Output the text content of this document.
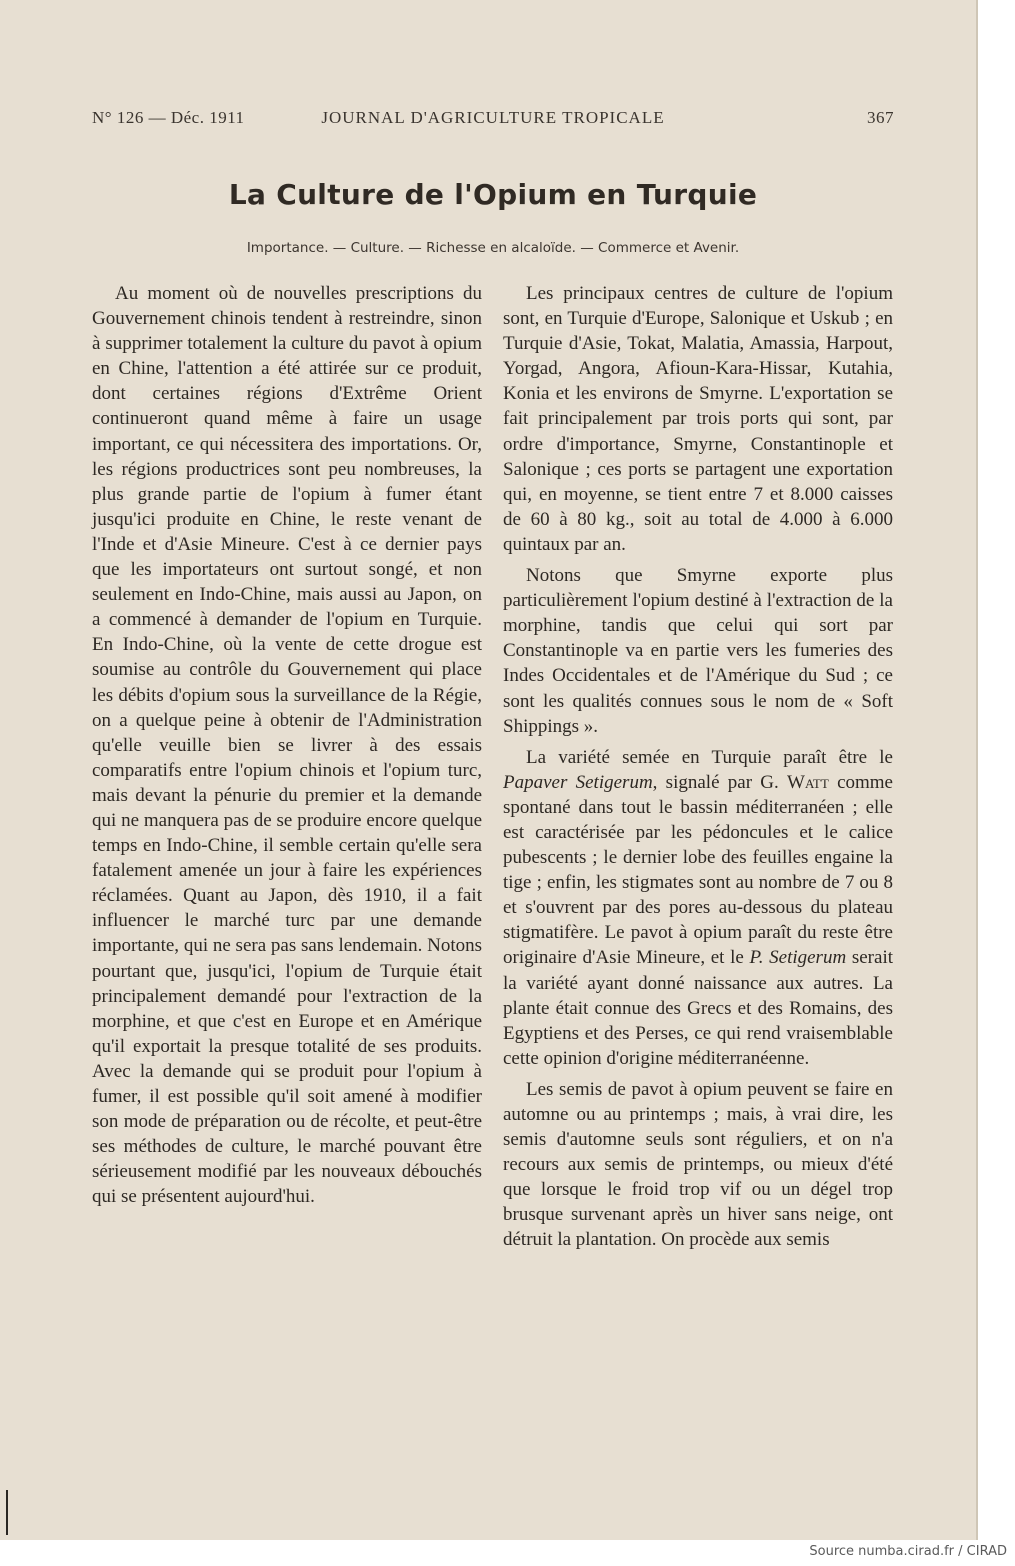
N° 126 — Déc. 1911	JOURNAL D'AGRICULTURE TROPICALE	367
La Culture de l'Opium en Turquie
Importance. — Culture. — Richesse en alcaloïde. — Commerce et Avenir.

Au moment où de nouvelles prescriptions du Gouvernement chinois tendent à restreindre, sinon à supprimer totalement la culture du pavot à opium en Chine, l'attention a été attirée sur ce produit, dont certaines régions d'Extrême Orient continueront quand même à faire un usage important, ce qui nécessitera des importations. Or, les régions productrices sont peu nombreuses, la plus grande partie de l'opium à fumer étant jusqu'ici produite en Chine, le reste venant de l'Inde et d'Asie Mineure. C'est à ce dernier pays que les importateurs ont surtout songé, et non seulement en Indo-Chine, mais aussi au Japon, on a commencé à demander de l'opium en Turquie. En Indo-Chine, où la vente de cette drogue est soumise au contrôle du Gouvernement qui place les débits d'opium sous la surveillance de la Régie, on a quelque peine à obtenir de l'Administration qu'elle veuille bien se livrer à des essais comparatifs entre l'opium chinois et l'opium turc, mais devant la pénurie du premier et la demande qui ne manquera pas de se produire encore quelque temps en Indo-Chine, il semble certain qu'elle sera fatalement amenée un jour à faire les expériences réclamées. Quant au Japon, dès 1910, il a fait influencer le marché turc par une demande importante, qui ne sera pas sans lendemain. Notons pourtant que, jusqu'ici, l'opium de Turquie était principalement demandé pour l'extraction de la morphine, et que c'est en Europe et en Amérique qu'il exportait la presque totalité de ses produits. Avec la demande qui se produit pour l'opium à fumer, il est possible qu'il soit amené à modifier son mode de préparation ou de récolte, et peut-être ses méthodes de culture, le marché pouvant être sérieusement modifié par les nouveaux débouchés qui se présentent aujourd'hui.

Les principaux centres de culture de l'opium sont, en Turquie d'Europe, Salonique et Uskub ; en Turquie d'Asie, Tokat, Malatia, Amassia, Harpout, Yorgad, Angora, Afioun-Kara-Hissar, Kutahia, Konia et les environs de Smyrne. L'exportation se fait principalement par trois ports qui sont, par ordre d'importance, Smyrne, Constantinople et Salonique ; ces ports se partagent une exportation qui, en moyenne, se tient entre 7 et 8.000 caisses de 60 à 80 kg., soit au total de 4.000 à 6.000 quintaux par an.

Notons que Smyrne exporte plus particulièrement l'opium destiné à l'extraction de la morphine, tandis que celui qui sort par Constantinople va en partie vers les fumeries des Indes Occidentales et de l'Amérique du Sud ; ce sont les qualités connues sous le nom de « Soft Shippings ».

La variété semée en Turquie paraît être le Papaver Setigerum, signalé par G. Watt comme spontané dans tout le bassin méditerranéen ; elle est caractérisée par les pédoncules et le calice pubescents ; le dernier lobe des feuilles engaine la tige ; enfin, les stigmates sont au nombre de 7 ou 8 et s'ouvrent par des pores au-dessous du plateau stigmatifère. Le pavot à opium paraît du reste être originaire d'Asie Mineure, et le P. Setigerum serait la variété ayant donné naissance aux autres. La plante était connue des Grecs et des Romains, des Egyptiens et des Perses, ce qui rend vraisemblable cette opinion d'origine méditerranéenne.

Les semis de pavot à opium peuvent se faire en automne ou au printemps ; mais, à vrai dire, les semis d'automne seuls sont réguliers, et on n'a recours aux semis de printemps, ou mieux d'été que lorsque le froid trop vif ou un dégel trop brusque survenant après un hiver sans neige, ont détruit la plantation. On procède aux semis

Source numba.cirad.fr / CIRAD
